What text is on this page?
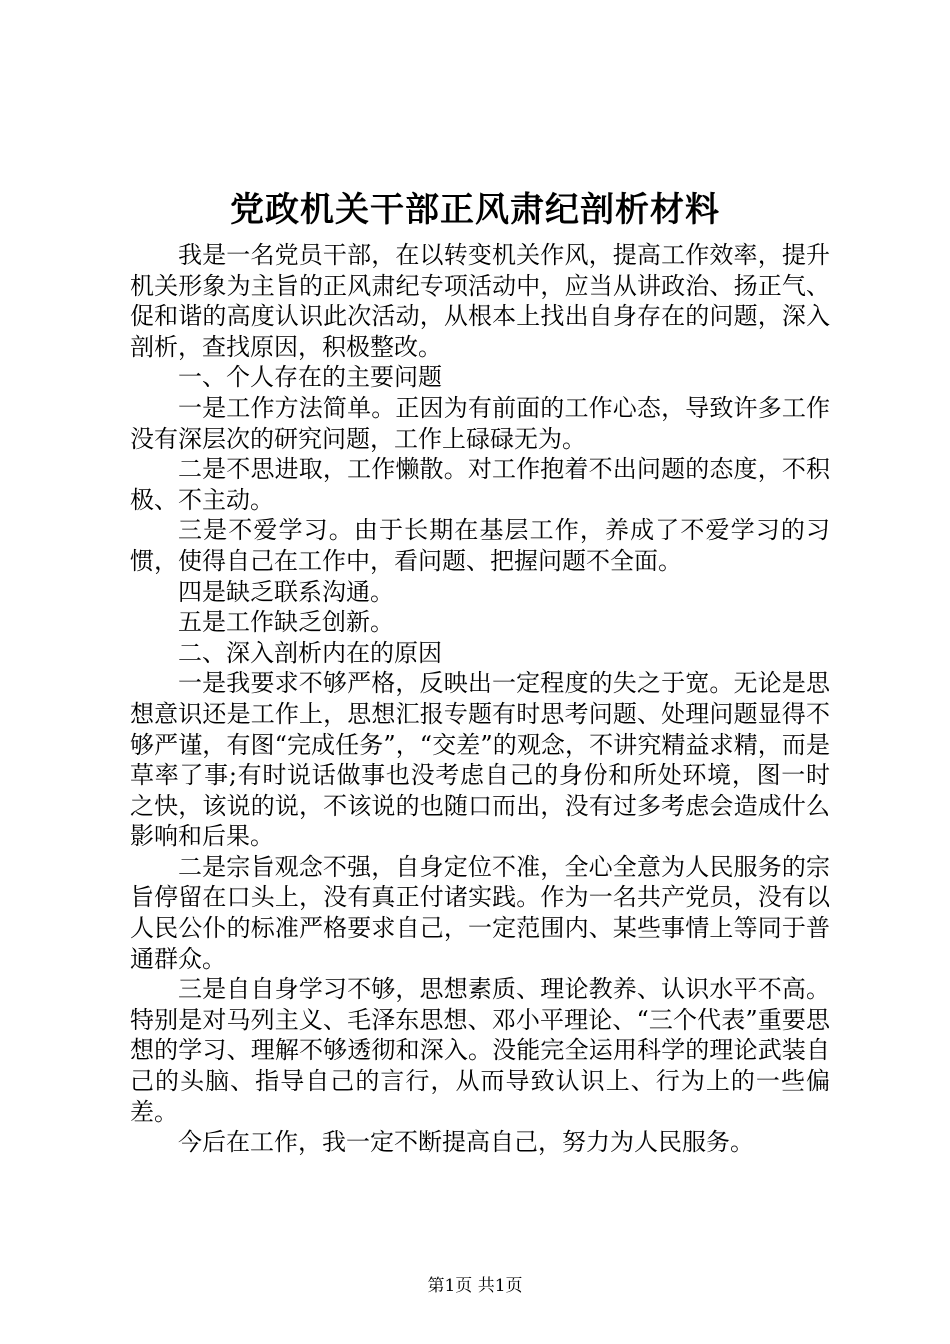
党政机关干部正风肃纪剖析材料

我是一名党员干部，在以转变机关作风，提高工作效率，提升机关形象为主旨的正风肃纪专项活动中，应当从讲政治、扬正气、促和谐的高度认识此次活动，从根本上找出自身存在的问题，深入剖析，查找原因，积极整改。

一、个人存在的主要问题

一是工作方法简单。正因为有前面的工作心态，导致许多工作没有深层次的研究问题，工作上碌碌无为。

二是不思进取，工作懒散。对工作抱着不出问题的态度，不积极、不主动。

三是不爱学习。由于长期在基层工作，养成了不爱学习的习惯，使得自己在工作中，看问题、把握问题不全面。

四是缺乏联系沟通。

五是工作缺乏创新。

二、深入剖析内在的原因

一是我要求不够严格，反映出一定程度的失之于宽。无论是思想意识还是工作上，思想汇报专题有时思考问题、处理问题显得不够严谨，有图“完成任务”，“交差”的观念，不讲究精益求精，而是草率了事;有时说话做事也没考虑自己的身份和所处环境，图一时之快，该说的说，不该说的也随口而出，没有过多考虑会造成什么影响和后果。

二是宗旨观念不强，自身定位不准，全心全意为人民服务的宗旨停留在口头上，没有真正付诸实践。作为一名共产党员，没有以人民公仆的标准严格要求自己，一定范围内、某些事情上等同于普通群众。

三是自自身学习不够，思想素质、理论教养、认识水平不高。特别是对马列主义、毛泽东思想、邓小平理论、“三个代表”重要思想的学习、理解不够透彻和深入。没能完全运用科学的理论武装自己的头脑、指导自己的言行，从而导致认识上、行为上的一些偏差。

今后在工作，我一定不断提高自己，努力为人民服务。

第1页 共1页
